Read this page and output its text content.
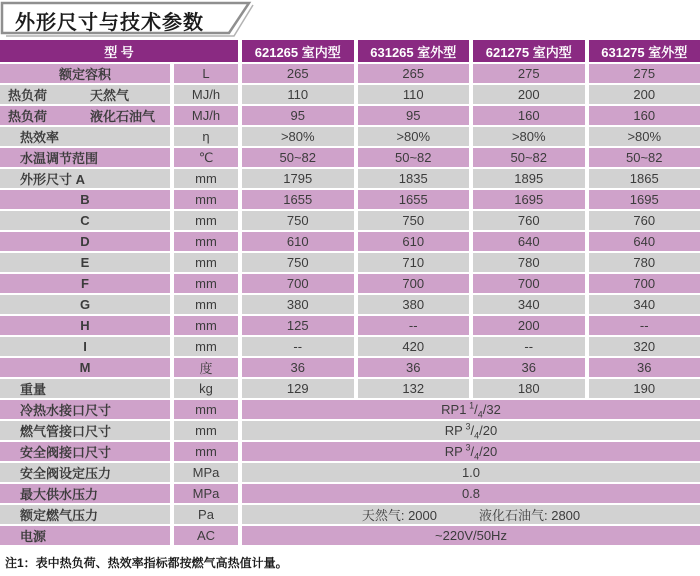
外形尺寸与技术参数
型 号	621265 室内型	631265 室外型	621275 室内型	631275 室外型
额定容积	L	265	265	275	275
热负荷	天然气	MJ/h	110	110	200	200
热负荷	液化石油气	MJ/h	95	95	160	160
热效率	η	>80%	>80%	>80%	>80%
水温调节范围	℃	50~82	50~82	50~82	50~82
外形尺寸 A	mm	1795	1835	1895	1865
B	mm	1655	1655	1695	1695
C	mm	750	750	760	760
D	mm	610	610	640	640
E	mm	750	710	780	780
F	mm	700	700	700	700
G	mm	380	380	340	340
H	mm	125	--	200	--
I	mm	--	420	--	320
M	度	36	36	36	36
重量	kg	129	132	180	190
冷热水接口尺寸	mm	RP1  $^1/_4/32$
燃气管接口尺寸	mm	RP  $^3/_4/20$
安全阀接口尺寸	mm	RP  $^3/_4/20$
安全阀设定压力	MPa	1.0
最大供水压力	MPa	0.8
额定燃气压力	Pa	天然气: 2000	液化石油气: 2800
电源	AC	~220V/50Hz
注1：表中热负荷、热效率指标都按燃气高热值计量。
